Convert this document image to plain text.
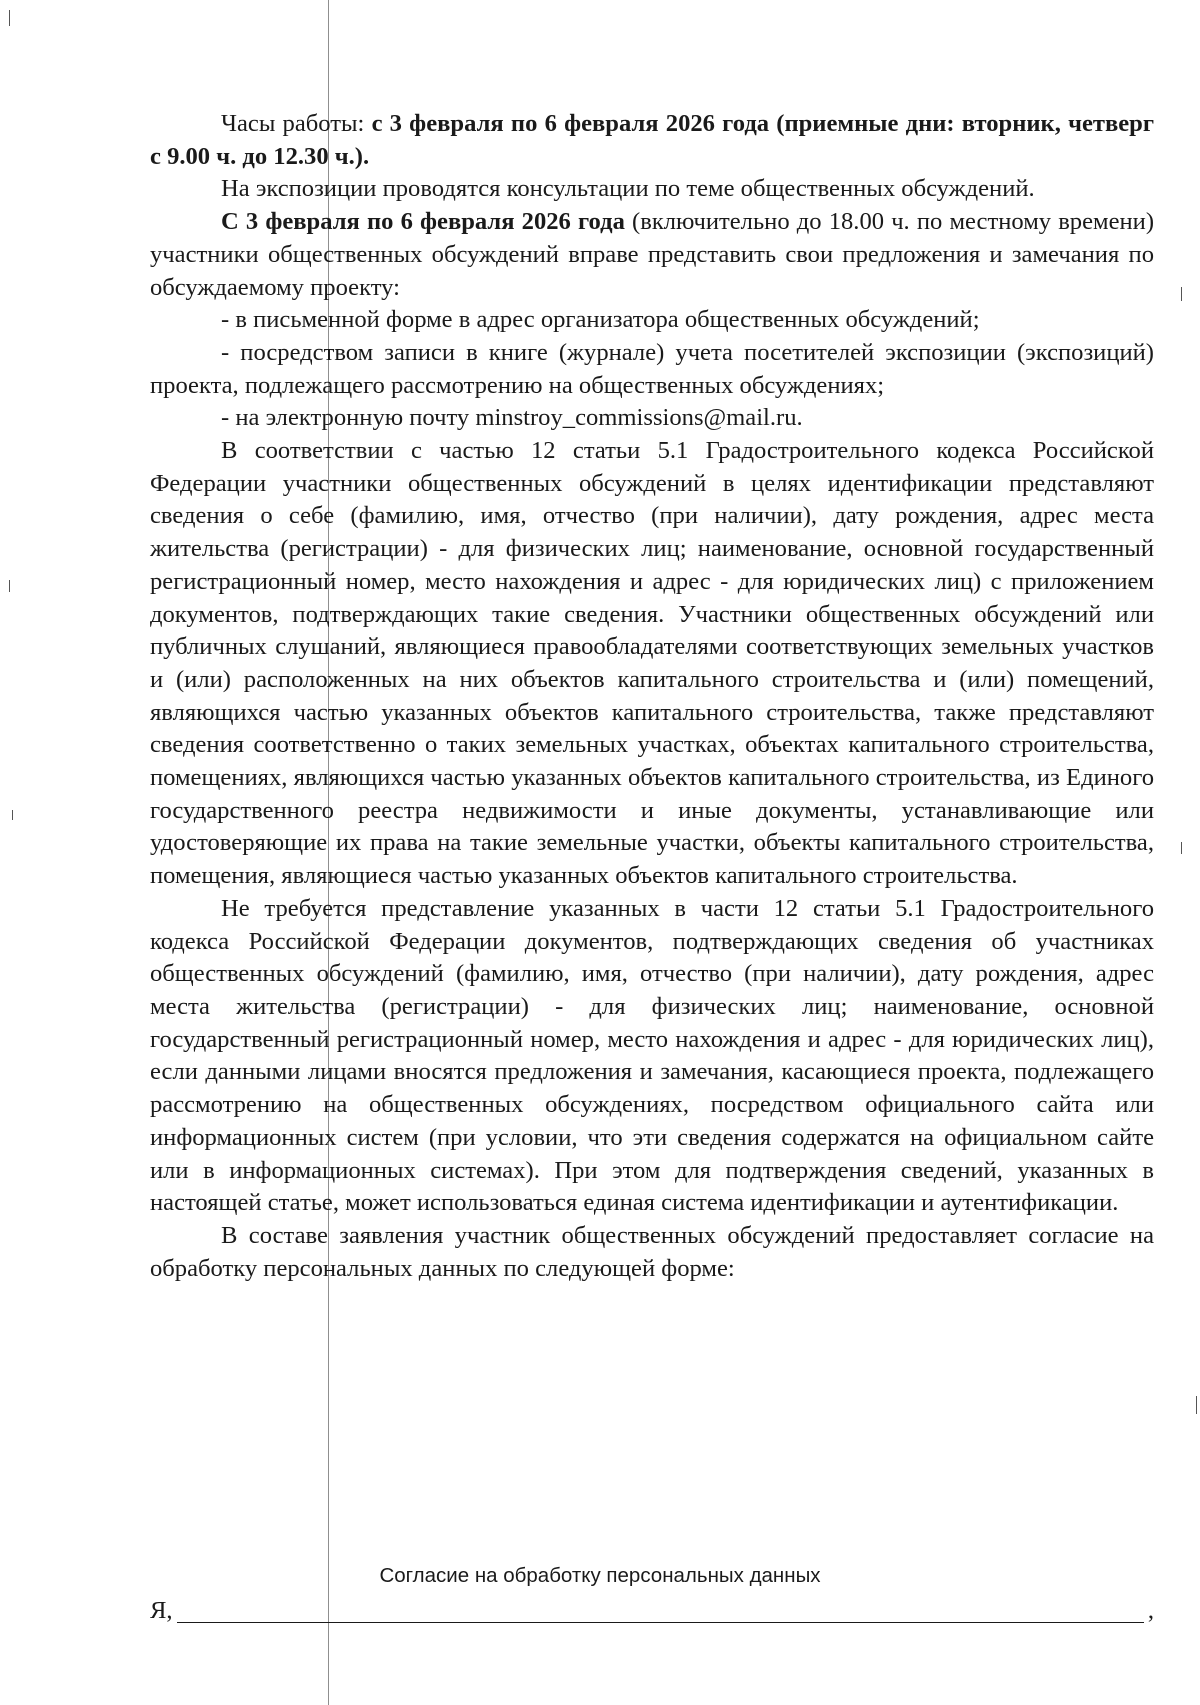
Часы работы: с 3 февраля по 6 февраля 2026 года (приемные дни: вторник, четверг с 9.00 ч. до 12.30 ч.).

На экспозиции проводятся консультации по теме общественных обсуждений.

С 3 февраля по 6 февраля 2026 года (включительно до 18.00 ч. по местному времени) участники общественных обсуждений вправе представить свои предложения и замечания по обсуждаемому проекту:

- в письменной форме в адрес организатора общественных обсуждений;

- посредством записи в книге (журнале) учета посетителей экспозиции (экспозиций) проекта, подлежащего рассмотрению на общественных обсуждениях;

- на электронную почту minstroy_commissions@mail.ru.

В соответствии с частью 12 статьи 5.1 Градостроительного кодекса Российской Федерации участники общественных обсуждений в целях идентификации представляют сведения о себе (фамилию, имя, отчество (при наличии), дату рождения, адрес места жительства (регистрации) - для физических лиц; наименование, основной государственный регистрационный номер, место нахождения и адрес - для юридических лиц) с приложением документов, подтверждающих такие сведения. Участники общественных обсуждений или публичных слушаний, являющиеся правообладателями соответствующих земельных участков и (или) расположенных на них объектов капитального строительства и (или) помещений, являющихся частью указанных объектов капитального строительства, также представляют сведения соответственно о таких земельных участках, объектах капитального строительства, помещениях, являющихся частью указанных объектов капитального строительства, из Единого государственного реестра недвижимости и иные документы, устанавливающие или удостоверяющие их права на такие земельные участки, объекты капитального строительства, помещения, являющиеся частью указанных объектов капитального строительства.

Не требуется представление указанных в части 12 статьи 5.1 Градостроительного кодекса Российской Федерации документов, подтверждающих сведения об участниках общественных обсуждений (фамилию, имя, отчество (при наличии), дату рождения, адрес места жительства (регистрации) - для физических лиц; наименование, основной государственный регистрационный номер, место нахождения и адрес - для юридических лиц), если данными лицами вносятся предложения и замечания, касающиеся проекта, подлежащего рассмотрению на общественных обсуждениях, посредством официального сайта или информационных систем (при условии, что эти сведения содержатся на официальном сайте или в информационных системах). При этом для подтверждения сведений, указанных в настоящей статье, может использоваться единая система идентификации и аутентификации.

В составе заявления участник общественных обсуждений предоставляет согласие на обработку персональных данных по следующей форме:

Согласие на обработку персональных данных
Я,	,
